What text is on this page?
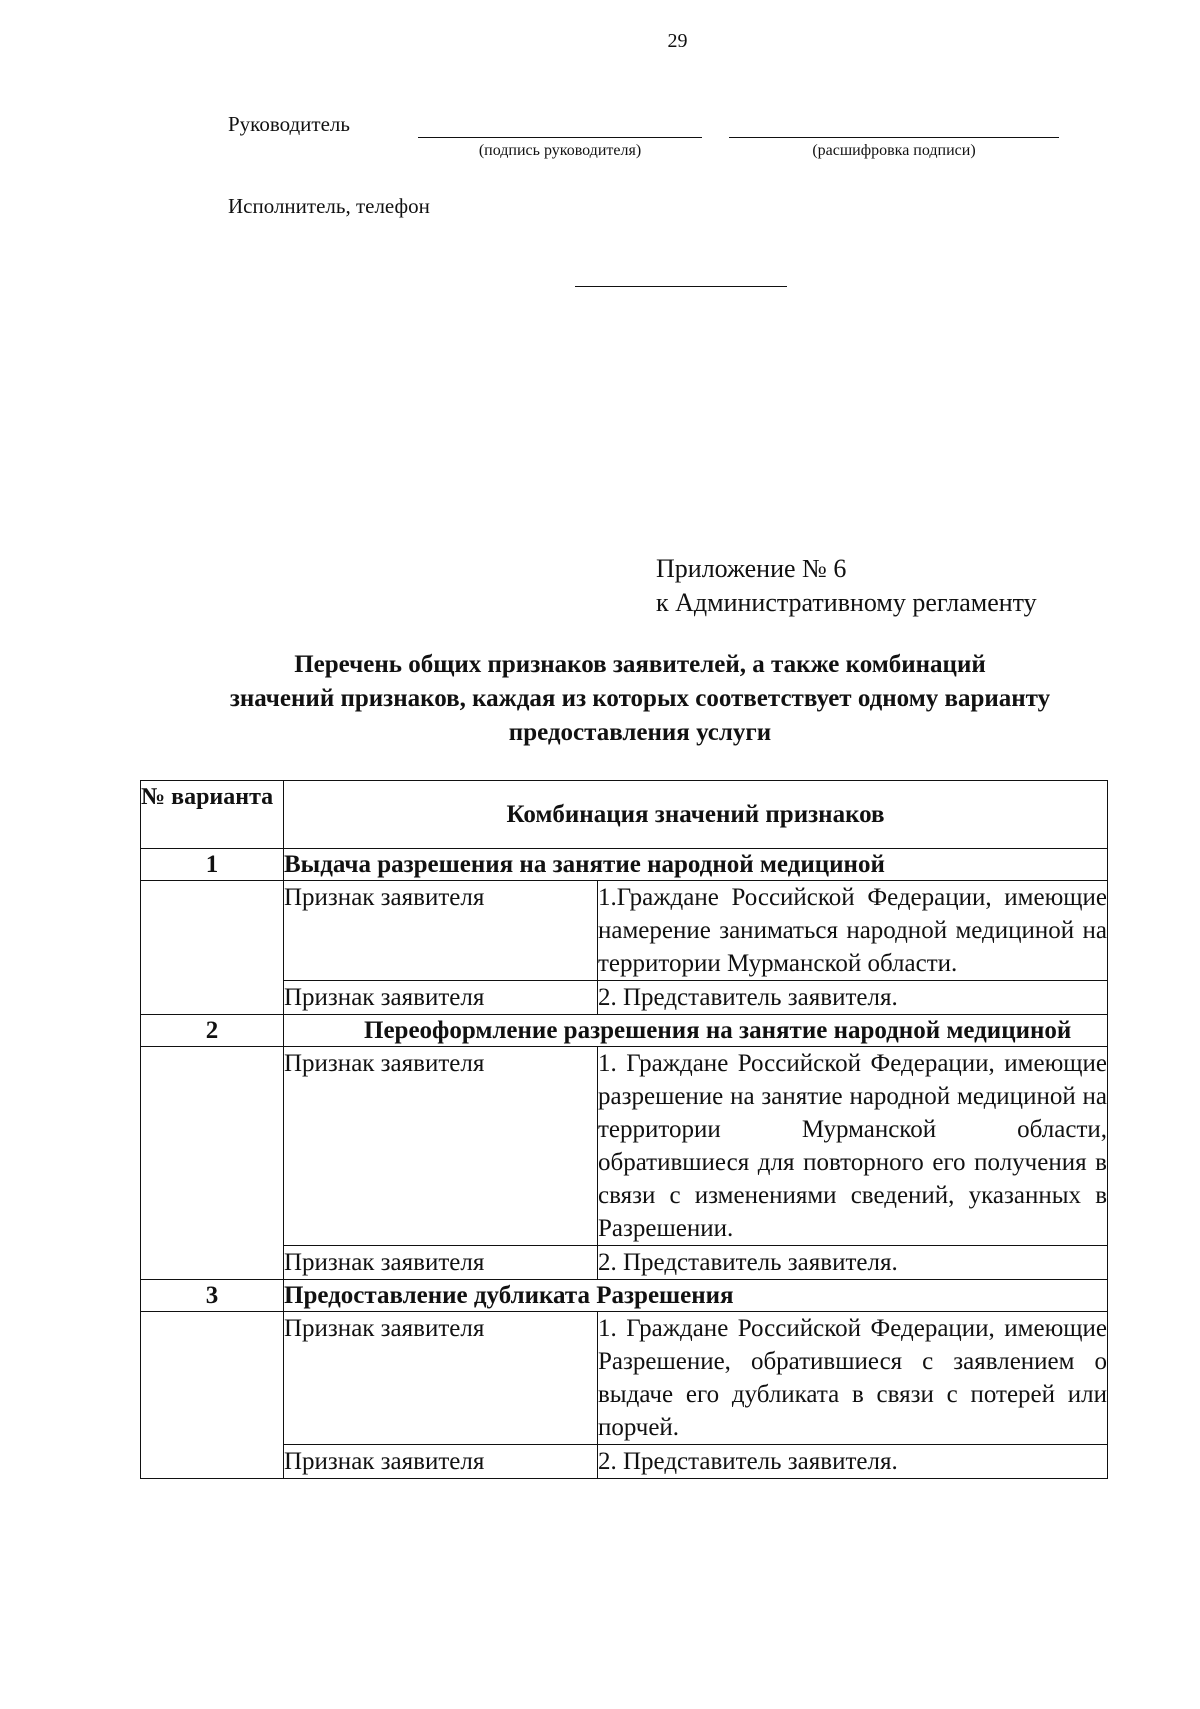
29
Руководитель
(подпись руководителя)	(расшифровка подписи)
Исполнитель, телефон
Приложение № 6
к Административному регламенту
Перечень общих признаков заявителей, а также комбинаций
значений признаков, каждая из которых соответствует одному варианту
предоставления услуги
№ варианта	Комбинация значений признаков	
1	Выдача разрешения на занятие народной медициной	
	Признак заявителя	1.Граждане Российской Федерации, имеющие намерение заниматься народной медициной на территории Мурманской области.
	Признак заявителя	2. Представитель заявителя.
2	Переоформление разрешения на занятие народной медициной	
	Признак заявителя	1. Граждане Российской Федерации, имеющие разрешение на занятие народной медициной на территории Мурманской области, обратившиеся для повторного его получения в связи с изменениями сведений, указанных в Разрешении.
	Признак заявителя	2. Представитель заявителя.
3	Предоставление дубликата Разрешения	
	Признак заявителя	1. Граждане Российской Федерации, имеющие Разрешение, обратившиеся с заявлением о выдаче его дубликата в связи с потерей или порчей.
	Признак заявителя	2. Представитель заявителя.
